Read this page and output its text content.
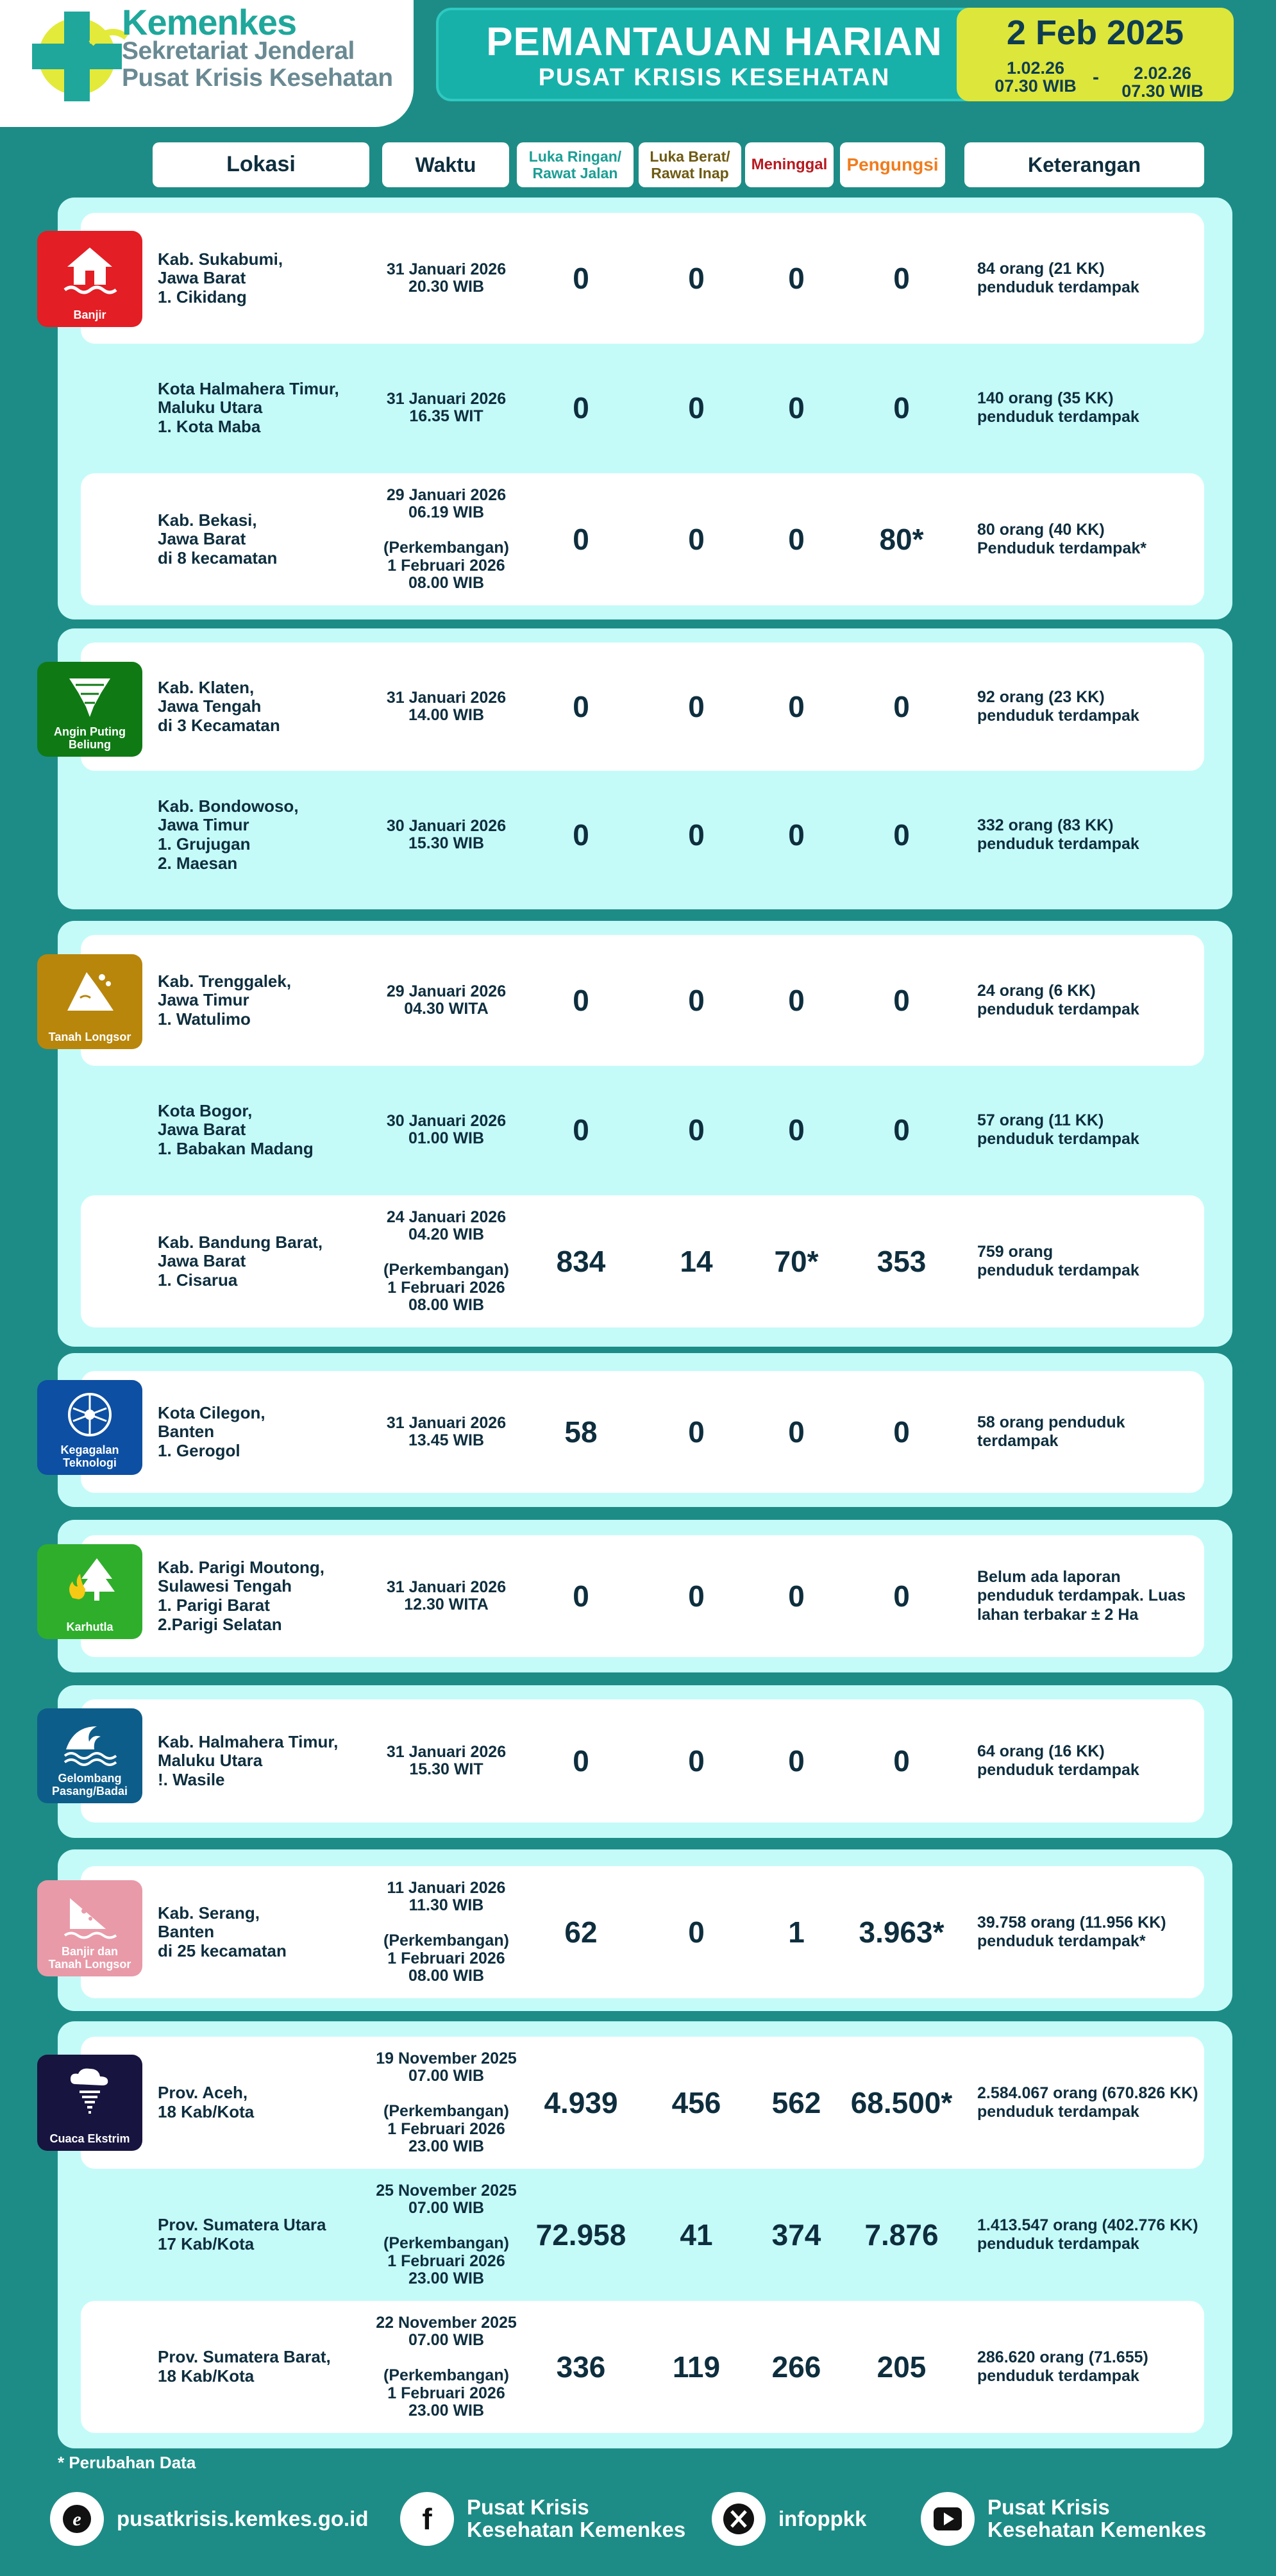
Kemenkes
Sekretariat Jenderal
Pusat Krisis Kesehatan
PEMANTAUAN HARIAN
PUSAT KRISIS KESEHATAN
2 Feb 2025
1.02.26
07.30 WIB -	2.02.26
07.30 WIB
Lokasi	Waktu	Luka Ringan/
Rawat Jalan
Luka Berat/
Rawat Inap	Meninggal	Pengungsi	Keterangan
Kab. Sukabumi,
Jawa Barat
1. Cikidang
31 Januari 2026
20.30 WIB	0	0	0	0	84 orang (21 KK)
penduduk terdampak
Kota Halmahera Timur,
Maluku Utara
1. Kota Maba
31 Januari 2026
16.35 WIT	0	0	0	0	140 orang (35 KK)
penduduk terdampak
Kab. Bekasi,
Jawa Barat
di 8 kecamatan
29 Januari 2026
06.19 WIB

(Perkembangan)
1 Februari 2026
08.00 WIB
0	0	0	80*	80 orang (40 KK)
Penduduk terdampak*
Banjir
Kab. Klaten,
Jawa Tengah
di 3 Kecamatan
31 Januari 2026
14.00 WIB	0	0	0	0	92 orang (23 KK)
penduduk terdampak
Kab. Bondowoso,
Jawa Timur
1. Grujugan
2. Maesan
30 Januari 2026
15.30 WIB	0	0	0	0	332 orang (83 KK)
penduduk terdampak
Angin Puting
Beliung
Kab. Trenggalek,
Jawa Timur
1. Watulimo
29 Januari 2026
04.30 WITA	0	0	0	0	24 orang (6 KK)
penduduk terdampak
Kota Bogor,
Jawa Barat
1. Babakan Madang
30 Januari 2026
01.00 WIB	0	0	0	0	57 orang (11 KK)
penduduk terdampak
Kab. Bandung Barat,
Jawa Barat
1. Cisarua
24 Januari 2026
04.20 WIB

(Perkembangan)
1 Februari 2026
08.00 WIB
834	14	70*	353	759 orang
penduduk terdampak
Tanah Longsor
Kota Cilegon,
Banten
1. Gerogol
31 Januari 2026
13.45 WIB	58	0	0	0	58 orang penduduk
terdampak
Kegagalan
Teknologi
Kab. Parigi Moutong,
Sulawesi Tengah
1. Parigi Barat
2.Parigi Selatan
31 Januari 2026
12.30 WITA	0	0	0	0
Belum ada laporan
penduduk terdampak. Luas
lahan terbakar ± 2 Ha
Karhutla
Kab. Halmahera Timur,
Maluku Utara
!. Wasile
31 Januari 2026
15.30 WIT	0	0	0	0	64 orang (16 KK)
penduduk terdampak
Gelombang
Pasang/Badai
Kab. Serang,
Banten
di 25 kecamatan
11 Januari 2026
11.30 WIB

(Perkembangan)
1 Februari 2026
08.00 WIB
62	0	1	3.963*	39.758 orang (11.956 KK)
penduduk terdampak*
Banjir dan
Tanah Longsor
Prov. Aceh,
18 Kab/Kota
19 November 2025
07.00 WIB

(Perkembangan)
1 Februari 2026
23.00 WIB
4.939	456	562	68.500*	2.584.067 orang (670.826 KK)
penduduk terdampak
Prov. Sumatera Utara
17 Kab/Kota
25 November 2025
07.00 WIB

(Perkembangan)
1 Februari 2026
23.00 WIB
72.958	41	374	7.876	1.413.547 orang (402.776 KK)
penduduk terdampak
Prov. Sumatera Barat,
18 Kab/Kota
22 November 2025
07.00 WIB

(Perkembangan)
1 Februari 2026
23.00 WIB
336	119	266	205	286.620 orang (71.655)
penduduk terdampak
Cuaca Ekstrim
* Perubahan Data
e pusatkrisis.kemkes.go.id f Pusat Krisis
Kesehatan Kemenkes	infoppkk	Pusat Krisis
Kesehatan Kemenkes
